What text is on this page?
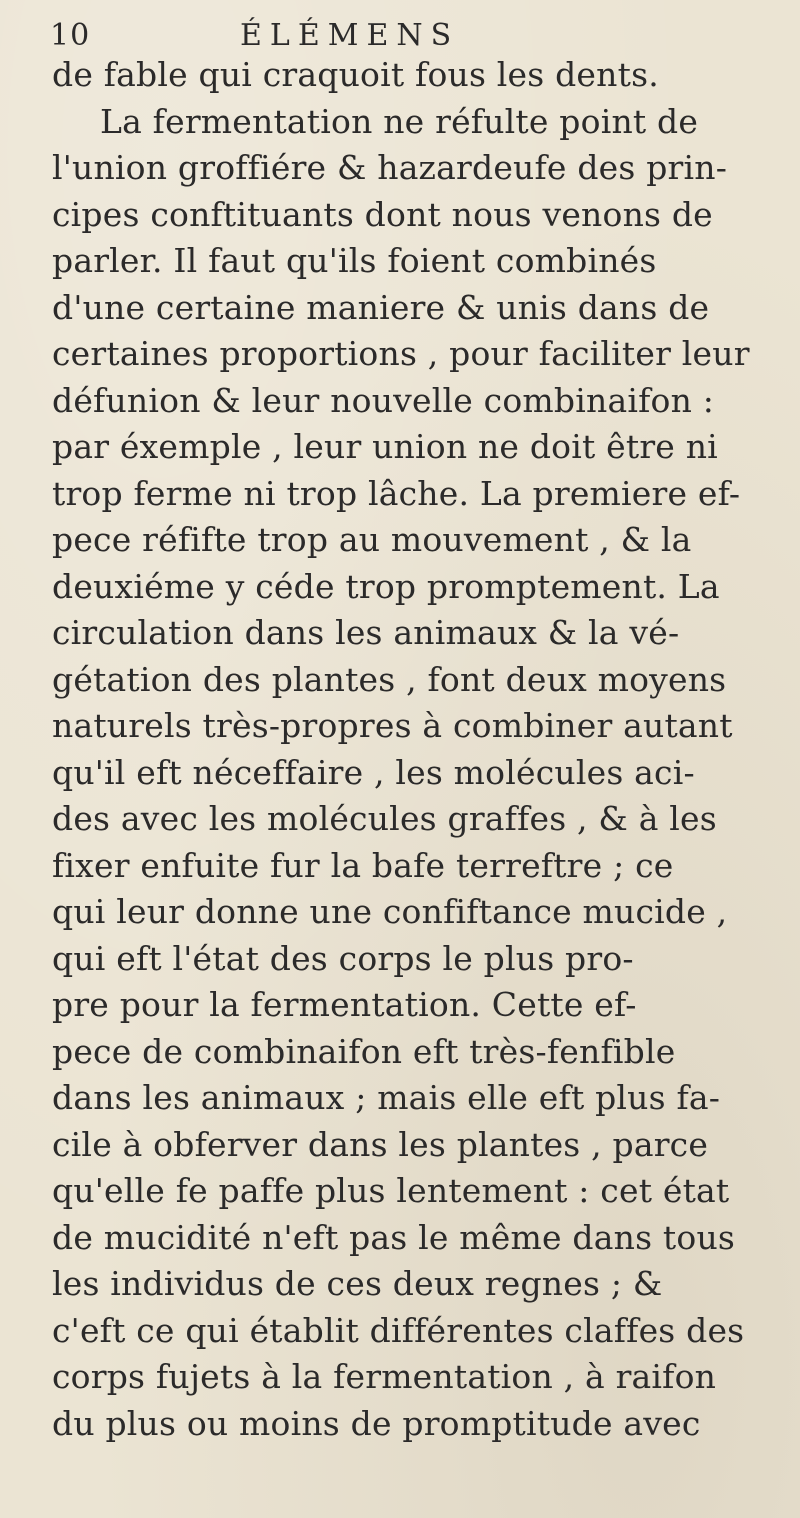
10	ÉLÉMENS
de fable qui craquoit fous les dents.
La fermentation ne réfulte point de
l'union groffiére & hazardeufe des prin-
cipes conftituants dont nous venons de
parler. Il faut qu'ils foient combinés
d'une certaine maniere & unis dans de
certaines proportions , pour faciliter leur
défunion & leur nouvelle combinaifon :
par éxemple , leur union ne doit être ni
trop ferme ni trop lâche. La premiere ef-
pece réfifte trop au mouvement , & la
deuxiéme y céde trop promptement. La
circulation dans les animaux & la vé-
gétation des plantes , font deux moyens
naturels très-propres à combiner autant
qu'il eft néceffaire , les molécules aci-
des avec les molécules graffes , & à les
fixer enfuite fur la bafe terreftre ; ce
qui leur donne une confiftance mucide ,
qui eft l'état des corps le plus pro-
pre pour la fermentation. Cette ef-
pece de combinaifon eft très-fenfible
dans les animaux ; mais elle eft plus fa-
cile à obferver dans les plantes , parce
qu'elle fe paffe plus lentement : cet état
de mucidité n'eft pas le même dans tous
les individus de ces deux regnes ; &
c'eft ce qui établit différentes claffes des
corps fujets à la fermentation , à raifon
du plus ou moins de promptitude avec
